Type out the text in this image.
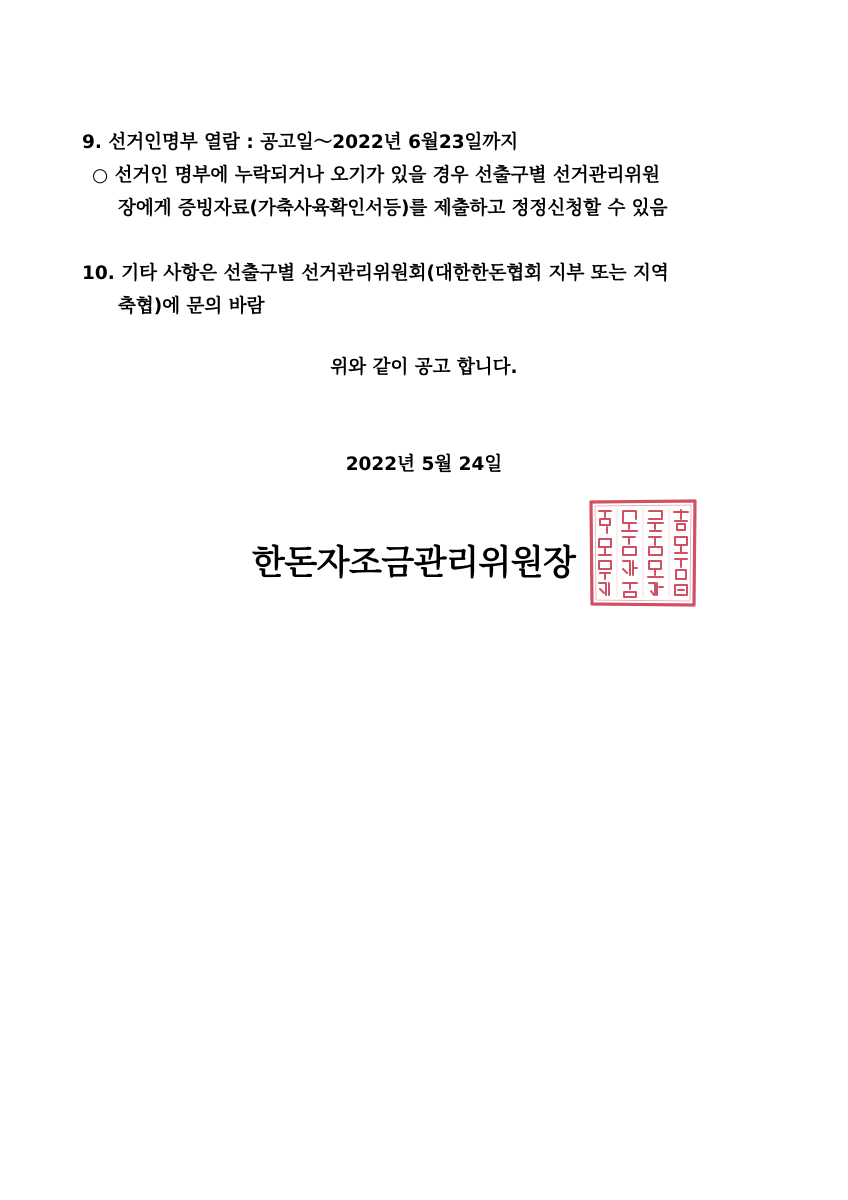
9. 선거인명부 열람 : 공고일～2022년 6월23일까지
○ 선거인 명부에 누락되거나 오기가 있을 경우 선출구별 선거관리위원
장에게 증빙자료(가축사육확인서등)를 제출하고 정정신청할 수 있음
10. 기타 사항은 선출구별 선거관리위원회(대한한돈협회 지부 또는 지역
축협)에 문의 바람
위와 같이 공고 합니다.
2022년 5월 24일
한돈자조금관리위원장
